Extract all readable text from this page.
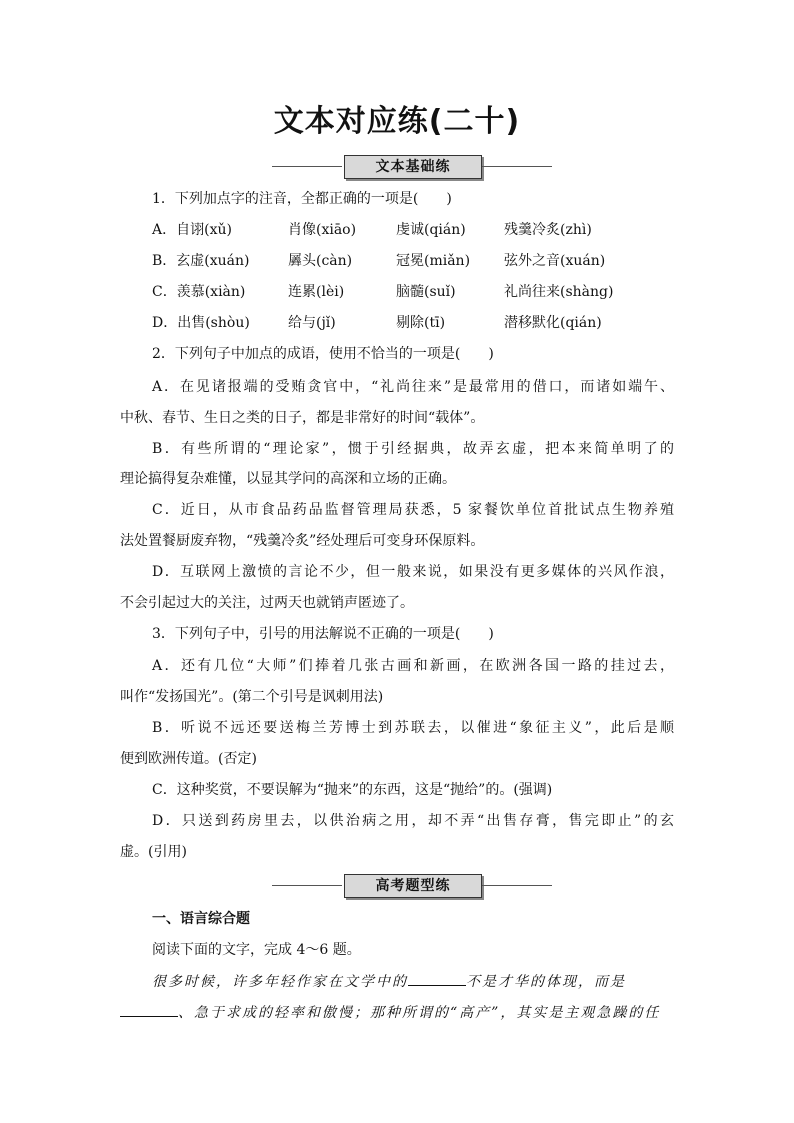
文本对应练(二十)
文本基础练
1．下列加点字的注音，全都正确的一项是(　　)
A．自诩(xǔ)	肖像(xiāo)	虔诚(qián)	残羹冷炙(zhì)
B．玄虚(xuán)	羼头(càn)	冠冕(miǎn) 弦外之音(xuán)
C．羡慕(xiàn)	连累(lèi)	脑髓(suǐ)	礼尚往来(shàng)
D．出售(shòu)	给与(jǐ)	剔除(tī)	潜移默化(qián)
2．下列句子中加点的成语，使用不恰当的一项是(　　)
A．在见诸报端的受贿贪官中，“礼尚往来”是最常用的借口，而诸如端午、
中秋、春节、生日之类的日子，都是非常好的时间“载体”。
B．有些所谓的“理论家”，惯于引经据典，故弄玄虚，把本来简单明了的
理论搞得复杂难懂，以显其学问的高深和立场的正确。
C．近日，从市食品药品监督管理局获悉，5 家餐饮单位首批试点生物养殖
法处置餐厨废弃物，“残羹冷炙”经处理后可变身环保原料。
D．互联网上激愤的言论不少，但一般来说，如果没有更多媒体的兴风作浪，
不会引起过大的关注，过两天也就销声匿迹了。
3．下列句子中，引号的用法解说不正确的一项是(　　)
A．还有几位“大师”们捧着几张古画和新画，在欧洲各国一路的挂过去，
叫作“发扬国光”。(第二个引号是讽刺用法)
B．听说不远还要送梅兰芳博士到苏联去，以催进“象征主义”，此后是顺
便到欧洲传道。(否定)
C．这种奖赏，不要误解为“抛来”的东西，这是“抛给”的。(强调)
D．只送到药房里去，以供治病之用，却不弄“出售存膏，售完即止”的玄
虚。(引用)
高考题型练
一、语言综合题
阅读下面的文字，完成 4～6 题。
很多时候，许多年轻作家在文学中的	不是才华的体现，而是
、急于求成的轻率和傲慢；那种所谓的“高产”，其实是主观急躁的任
